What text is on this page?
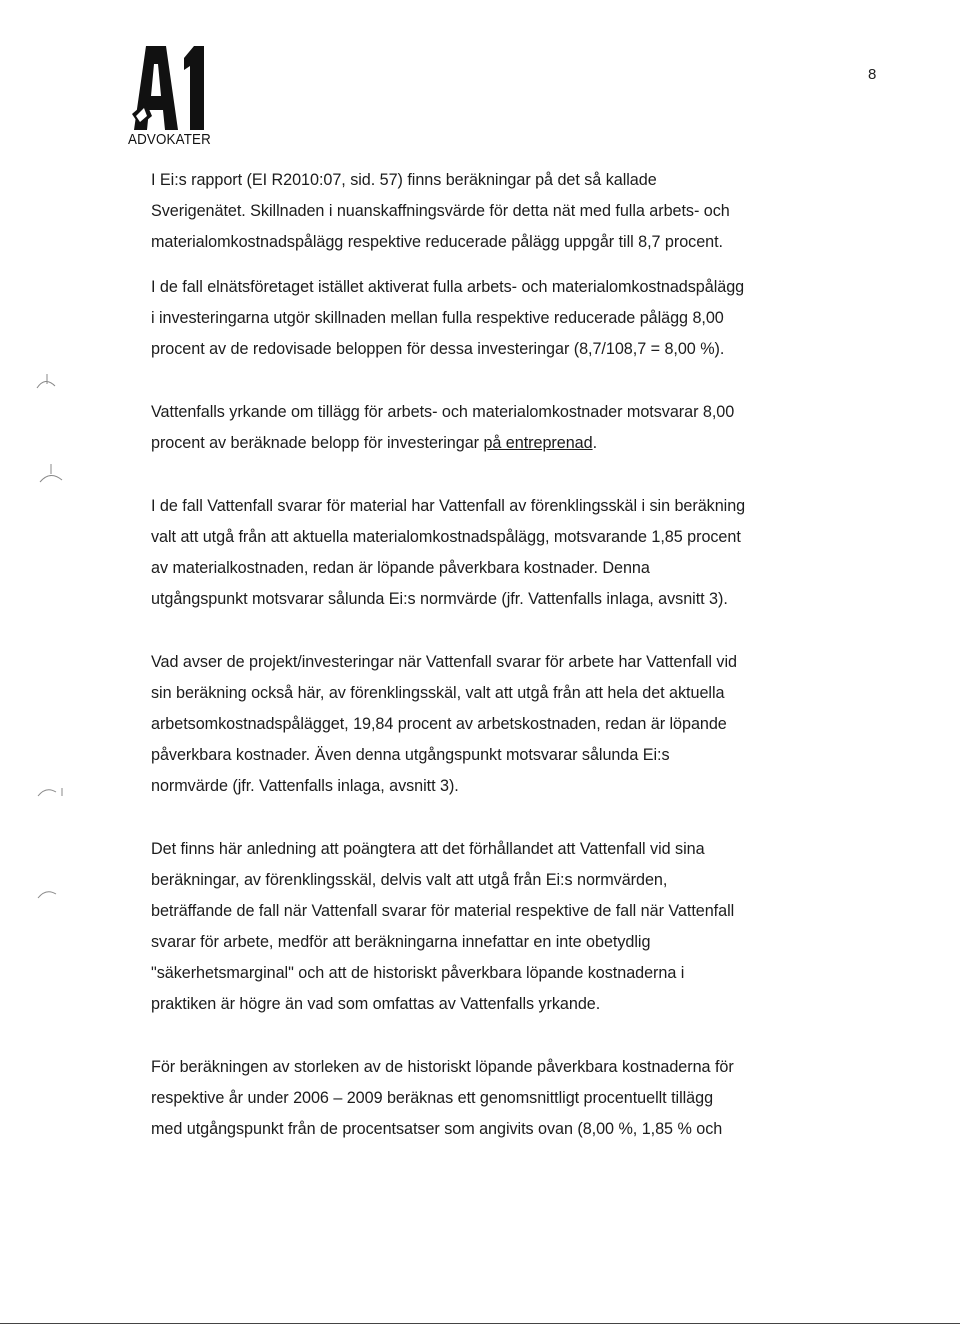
ADVOKATER
8

I Ei:s rapport (EI R2010:07, sid. 57) finns beräkningar på det så kallade
Sverigenätet. Skillnaden i nuanskaffningsvärde för detta nät med fulla arbets- och
materialomkostnadspålägg respektive reducerade pålägg uppgår till 8,7 procent.

I de fall elnätsföretaget istället aktiverat fulla arbets- och materialomkostnadspålägg
i investeringarna utgör skillnaden mellan fulla respektive reducerade pålägg 8,00
procent av de redovisade beloppen för dessa investeringar (8,7/108,7 = 8,00 %).

Vattenfalls yrkande om tillägg för arbets- och materialomkostnader motsvarar 8,00
procent av beräknade belopp för investeringar på entreprenad.

I de fall Vattenfall svarar för material har Vattenfall av förenklingsskäl i sin beräkning
valt att utgå från att aktuella materialomkostnadspålägg, motsvarande 1,85 procent
av materialkostnaden, redan är löpande påverkbara kostnader. Denna
utgångspunkt motsvarar sålunda Ei:s normvärde (jfr. Vattenfalls inlaga, avsnitt 3).

Vad avser de projekt/investeringar när Vattenfall svarar för arbete har Vattenfall vid
sin beräkning också här, av förenklingsskäl, valt att utgå från att hela det aktuella
arbetsomkostnadspålägget, 19,84 procent av arbetskostnaden, redan är löpande
påverkbara kostnader. Även denna utgångspunkt motsvarar sålunda Ei:s
normvärde (jfr. Vattenfalls inlaga, avsnitt 3).

Det finns här anledning att poängtera att det förhållandet att Vattenfall vid sina
beräkningar, av förenklingsskäl, delvis valt att utgå från Ei:s normvärden,
beträffande de fall när Vattenfall svarar för material respektive de fall när Vattenfall
svarar för arbete, medför att beräkningarna innefattar en inte obetydlig
"säkerhetsmarginal" och att de historiskt påverkbara löpande kostnaderna i
praktiken är högre än vad som omfattas av Vattenfalls yrkande.

För beräkningen av storleken av de historiskt löpande påverkbara kostnaderna för
respektive år under 2006 – 2009 beräknas ett genomsnittligt procentuellt tillägg
med utgångspunkt från de procentsatser som angivits ovan (8,00 %, 1,85 % och
